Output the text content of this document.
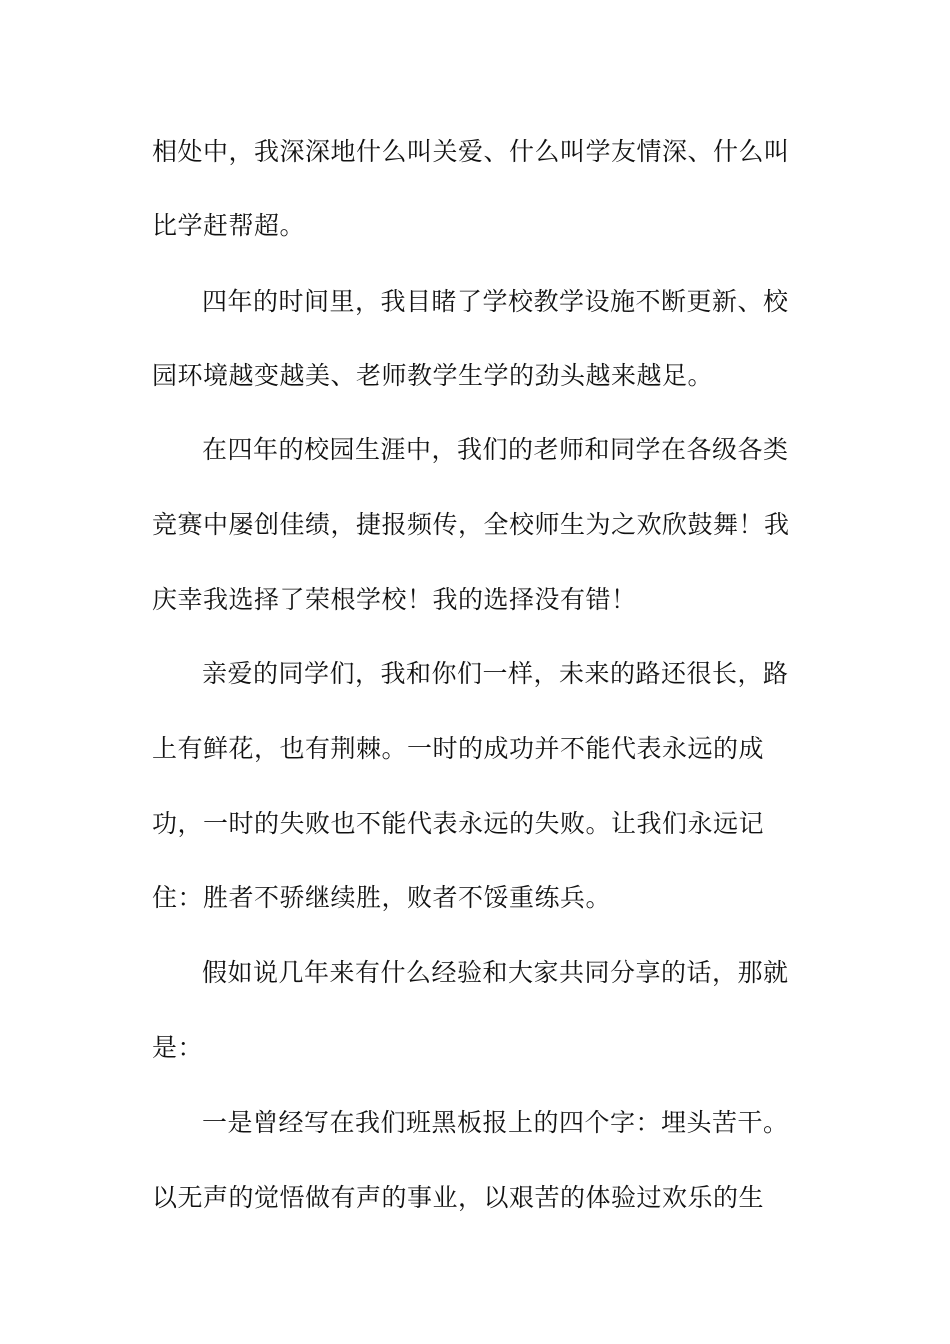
相处中，我深深地什么叫关爱、什么叫学友情深、什么叫
比学赶帮超。
四年的时间里，我目睹了学校教学设施不断更新、校
园环境越变越美、老师教学生学的劲头越来越足。
在四年的校园生涯中，我们的老师和同学在各级各类
竞赛中屡创佳绩，捷报频传，全校师生为之欢欣鼓舞！我
庆幸我选择了荣根学校！我的选择没有错！
亲爱的同学们，我和你们一样，未来的路还很长，路
上有鲜花，也有荆棘。一时的成功并不能代表永远的成
功，一时的失败也不能代表永远的失败。让我们永远记
住：胜者不骄继续胜，败者不馁重练兵。
假如说几年来有什么经验和大家共同分享的话，那就
是：
一是曾经写在我们班黑板报上的四个字：埋头苦干。
以无声的觉悟做有声的事业，以艰苦的体验过欢乐的生
